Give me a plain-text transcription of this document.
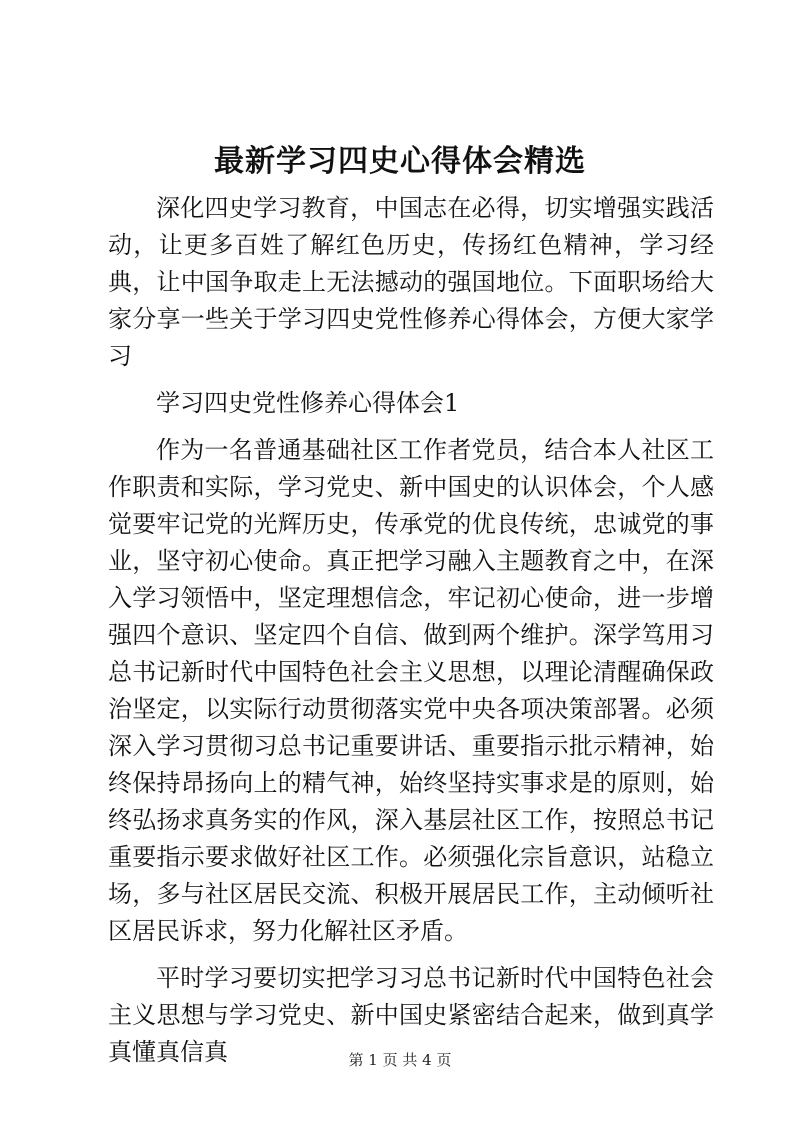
最新学习四史心得体会精选

深化四史学习教育，中国志在必得，切实增强实践活动，让更多百姓了解红色历史，传扬红色精神，学习经典，让中国争取走上无法撼动的强国地位。下面职场给大家分享一些关于学习四史党性修养心得体会，方便大家学习

学习四史党性修养心得体会1

作为一名普通基础社区工作者党员，结合本人社区工作职责和实际，学习党史、新中国史的认识体会，个人感觉要牢记党的光辉历史，传承党的优良传统，忠诚党的事业，坚守初心使命。真正把学习融入主题教育之中，在深入学习领悟中，坚定理想信念，牢记初心使命，进一步增强四个意识、坚定四个自信、做到两个维护。深学笃用习总书记新时代中国特色社会主义思想，以理论清醒确保政治坚定，以实际行动贯彻落实党中央各项决策部署。必须深入学习贯彻习总书记重要讲话、重要指示批示精神，始终保持昂扬向上的精气神，始终坚持实事求是的原则，始终弘扬求真务实的作风，深入基层社区工作，按照总书记重要指示要求做好社区工作。必须强化宗旨意识，站稳立场，多与社区居民交流、积极开展居民工作，主动倾听社区居民诉求，努力化解社区矛盾。

平时学习要切实把学习习总书记新时代中国特色社会主义思想与学习党史、新中国史紧密结合起来，做到真学真懂真信真	第 1 页 共 4 页
